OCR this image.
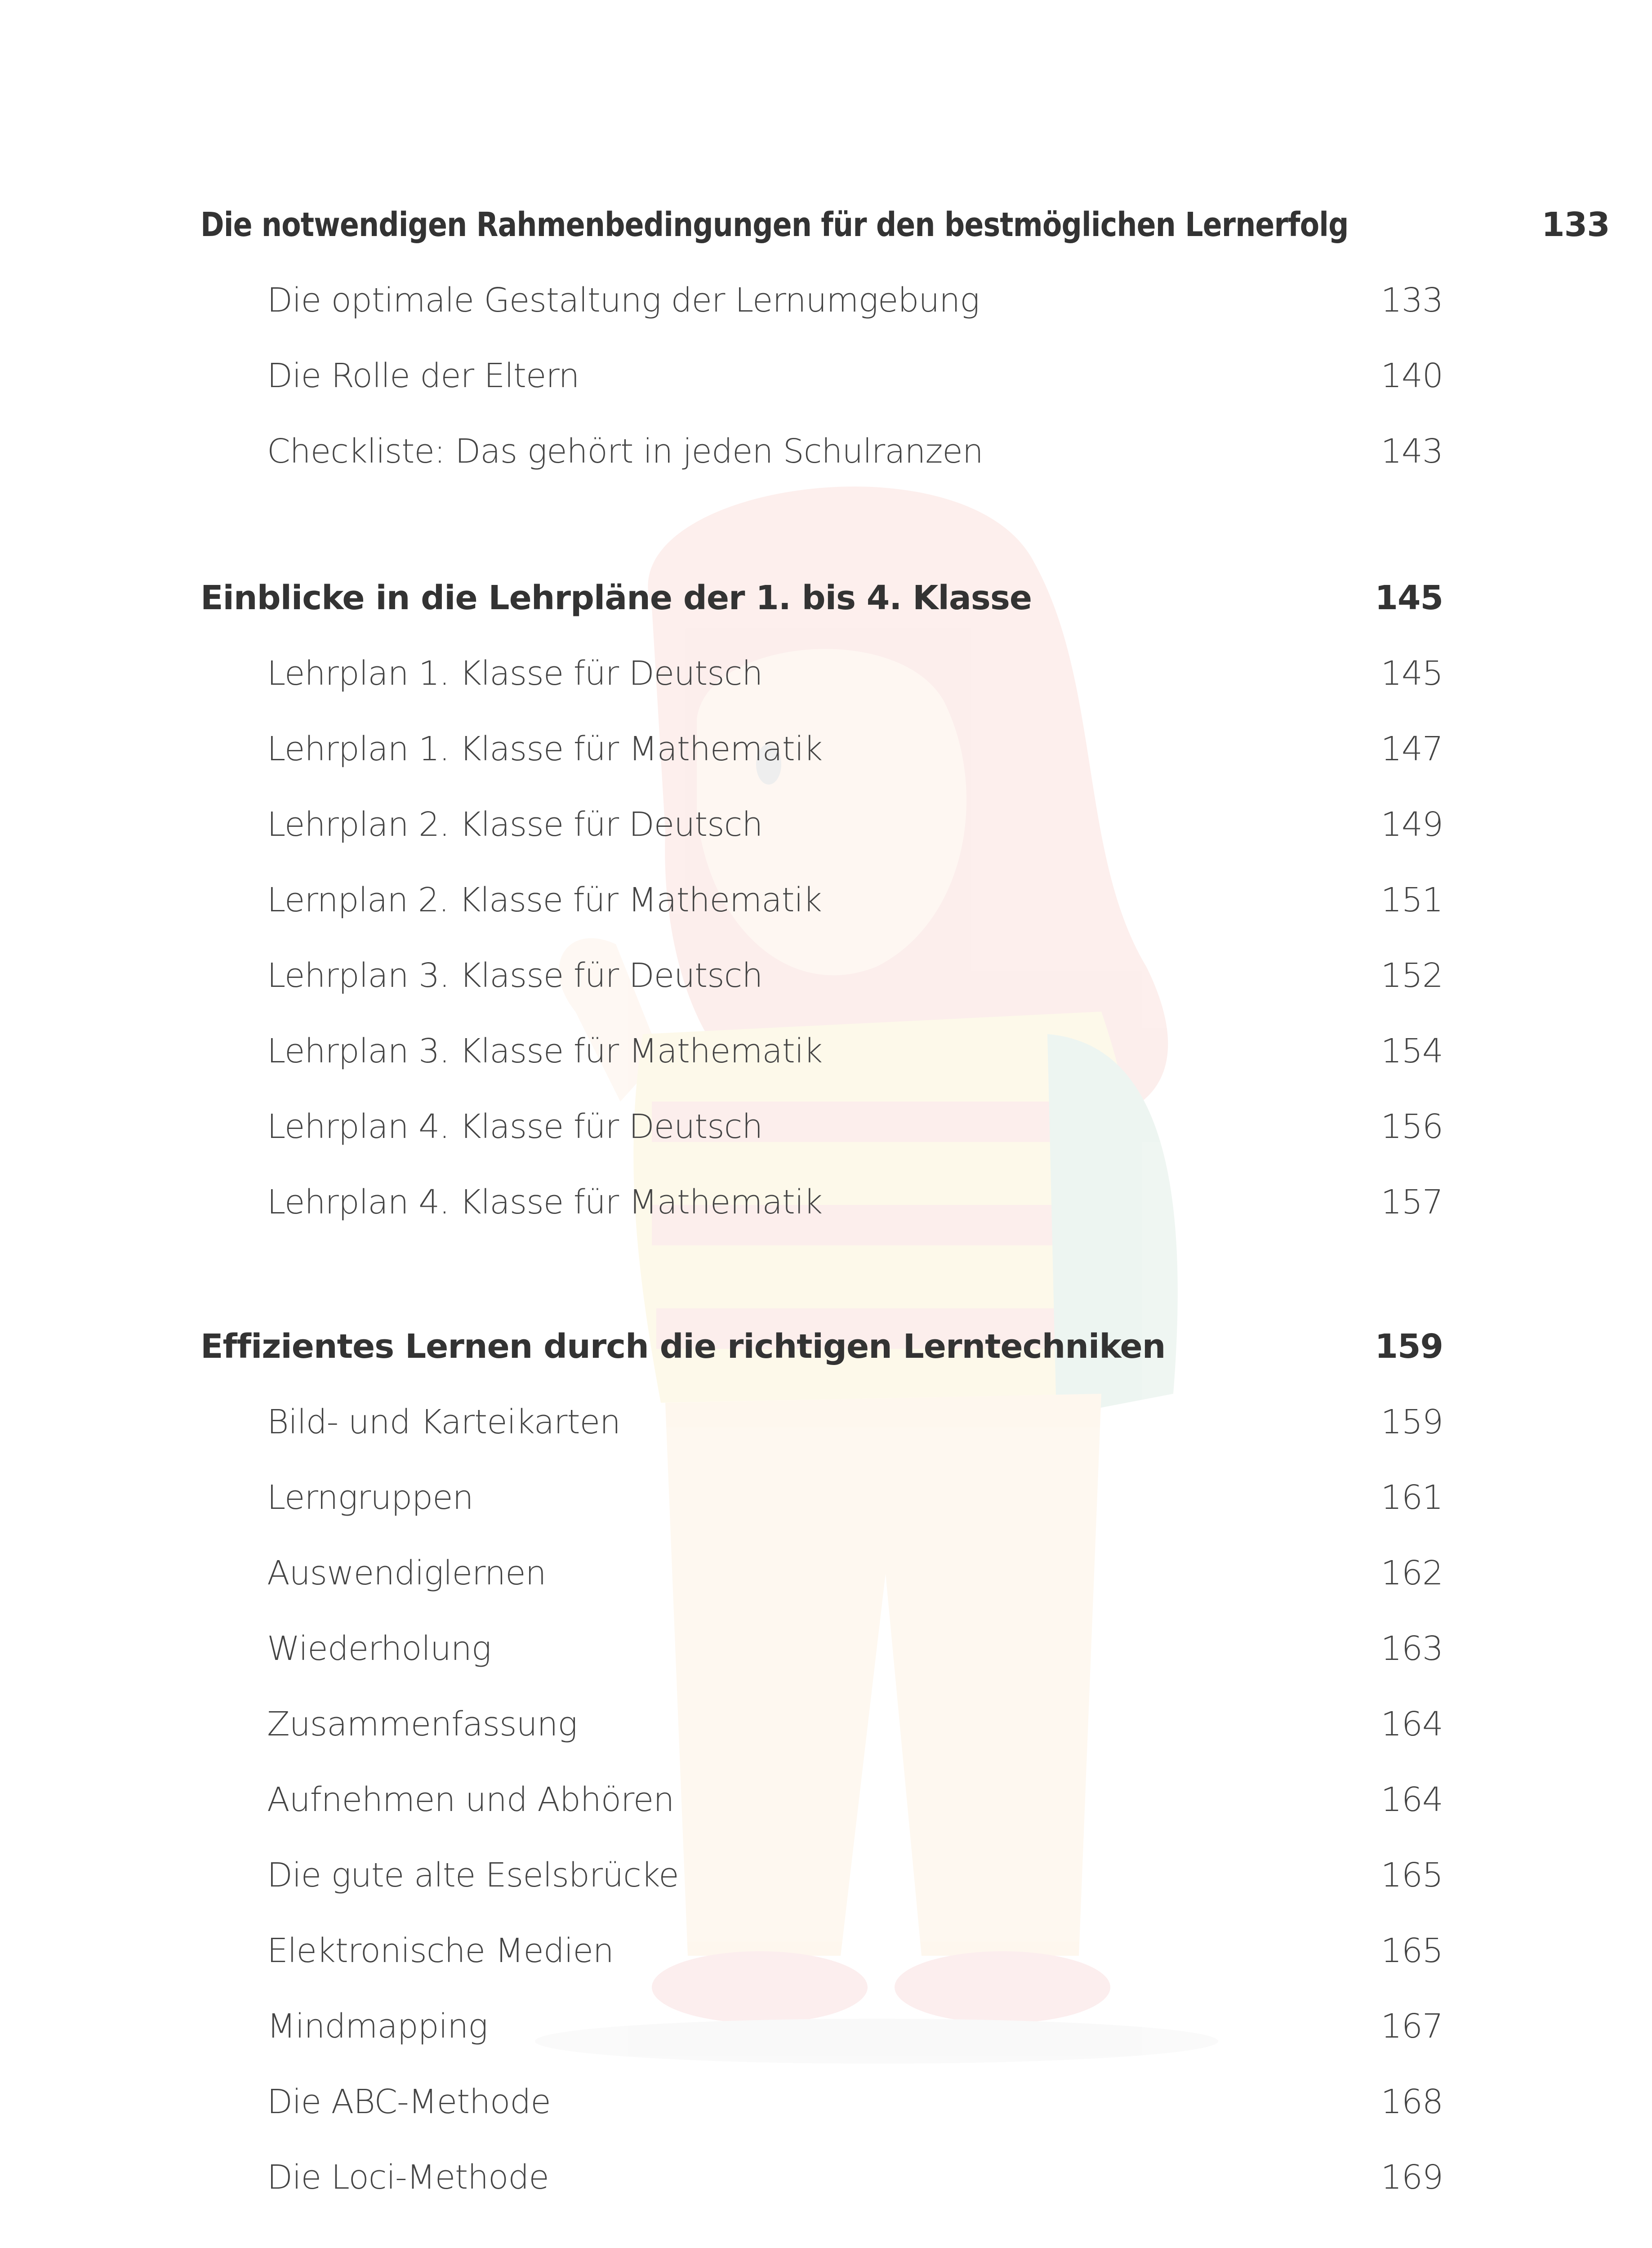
Die notwendigen Rahmenbedingungen für den bestmöglichen Lernerfolg	133
Die optimale Gestaltung der Lernumgebung	133
Die Rolle der Eltern	140
Checkliste: Das gehört in jeden Schulranzen	143
Einblicke in die Lehrpläne der 1. bis 4. Klasse	145
Lehrplan 1. Klasse für Deutsch	145
Lehrplan 1. Klasse für Mathematik	147
Lehrplan 2. Klasse für Deutsch	149
Lernplan 2. Klasse für Mathematik	151
Lehrplan 3. Klasse für Deutsch	152
Lehrplan 3. Klasse für Mathematik	154
Lehrplan 4. Klasse für Deutsch	156
Lehrplan 4. Klasse für Mathematik	157
Effizientes Lernen durch die richtigen Lerntechniken	159
Bild- und Karteikarten	159
Lerngruppen	161
Auswendiglernen	162
Wiederholung	163
Zusammenfassung	164
Aufnehmen und Abhören	164
Die gute alte Eselsbrücke	165
Elektronische Medien	165
Mindmapping	167
Die ABC-Methode	168
Die Loci-Methode	169
